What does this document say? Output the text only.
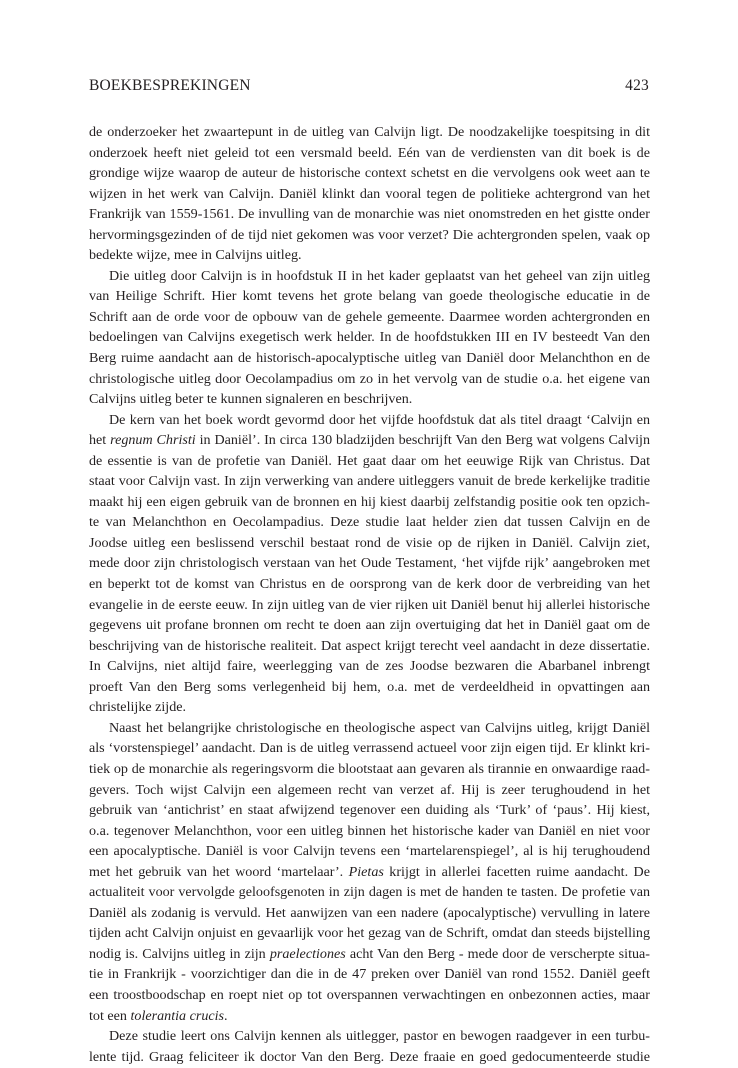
BOEKBESPREKINGEN	423
de onderzoeker het zwaartepunt in de uitleg van Calvijn ligt. De noodzakelijke toespitsing in dit
onderzoek heeft niet geleid tot een versmald beeld. Eén van de verdiensten van dit boek is de
grondige wijze waarop de auteur de historische context schetst en die vervolgens ook weet aan te
wijzen in het werk van Calvijn. Daniël klinkt dan vooral tegen de politieke achtergrond van het
Frankrijk van 1559-1561. De invulling van de monarchie was niet onomstreden en het gistte onder
hervormingsgezinden of de tijd niet gekomen was voor verzet? Die achtergronden spelen, vaak op
bedekte wijze, mee in Calvijns uitleg.
Die uitleg door Calvijn is in hoofdstuk II in het kader geplaatst van het geheel van zijn uitleg
van Heilige Schrift. Hier komt tevens het grote belang van goede theologische educatie in de
Schrift aan de orde voor de opbouw van de gehele gemeente. Daarmee worden achtergronden en
bedoelingen van Calvijns exegetisch werk helder. In de hoofdstukken III en IV besteedt Van den
Berg ruime aandacht aan de historisch-apocalyptische uitleg van Daniël door Melanchthon en de
christologische uitleg door Oecolampadius om zo in het vervolg van de studie o.a. het eigene van
Calvijns uitleg beter te kunnen signaleren en beschrijven.
De kern van het boek wordt gevormd door het vijfde hoofdstuk dat als titel draagt ‘Calvijn en
het regnum Christi in Daniël’. In circa 130 bladzijden beschrijft Van den Berg wat volgens Calvijn
de essentie is van de profetie van Daniël. Het gaat daar om het eeuwige Rijk van Christus. Dat
staat voor Calvijn vast. In zijn verwerking van andere uitleggers vanuit de brede kerkelijke traditie
maakt hij een eigen gebruik van de bronnen en hij kiest daarbij zelfstandig positie ook ten opzich-
te van Melanchthon en Oecolampadius. Deze studie laat helder zien dat tussen Calvijn en de
Joodse uitleg een beslissend verschil bestaat rond de visie op de rijken in Daniël. Calvijn ziet,
mede door zijn christologisch verstaan van het Oude Testament, ‘het vijfde rijk’ aangebroken met
en beperkt tot de komst van Christus en de oorsprong van de kerk door de verbreiding van het
evangelie in de eerste eeuw. In zijn uitleg van de vier rijken uit Daniël benut hij allerlei historische
gegevens uit profane bronnen om recht te doen aan zijn overtuiging dat het in Daniël gaat om de
beschrijving van de historische realiteit. Dat aspect krijgt terecht veel aandacht in deze dissertatie.
In Calvijns, niet altijd faire, weerlegging van de zes Joodse bezwaren die Abarbanel inbrengt
proeft Van den Berg soms verlegenheid bij hem, o.a. met de verdeeldheid in opvattingen aan
christelijke zijde.
Naast het belangrijke christologische en theologische aspect van Calvijns uitleg, krijgt Daniël
als ‘vorstenspiegel’ aandacht. Dan is de uitleg verrassend actueel voor zijn eigen tijd. Er klinkt kri-
tiek op de monarchie als regeringsvorm die blootstaat aan gevaren als tirannie en onwaardige raad-
gevers. Toch wijst Calvijn een algemeen recht van verzet af. Hij is zeer terughoudend in het
gebruik van ‘antichrist’ en staat afwijzend tegenover een duiding als ‘Turk’ of ‘paus’. Hij kiest,
o.a. tegenover Melanchthon, voor een uitleg binnen het historische kader van Daniël en niet voor
een apocalyptische. Daniël is voor Calvijn tevens een ‘martelarenspiegel’, al is hij terughoudend
met het gebruik van het woord ‘martelaar’. Pietas krijgt in allerlei facetten ruime aandacht. De
actualiteit voor vervolgde geloofsgenoten in zijn dagen is met de handen te tasten. De profetie van
Daniël als zodanig is vervuld. Het aanwijzen van een nadere (apocalyptische) vervulling in latere
tijden acht Calvijn onjuist en gevaarlijk voor het gezag van de Schrift, omdat dan steeds bijstelling
nodig is. Calvijns uitleg in zijn praelectiones acht Van den Berg - mede door de verscherpte situa-
tie in Frankrijk - voorzichtiger dan die in de 47 preken over Daniël van rond 1552. Daniël geeft
een troostboodschap en roept niet op tot overspannen verwachtingen en onbezonnen acties, maar
tot een tolerantia crucis.
Deze studie leert ons Calvijn kennen als uitlegger, pastor en bewogen raadgever in een turbu-
lente tijd. Graag feliciteer ik doctor Van den Berg. Deze fraaie en goed gedocumenteerde studie
